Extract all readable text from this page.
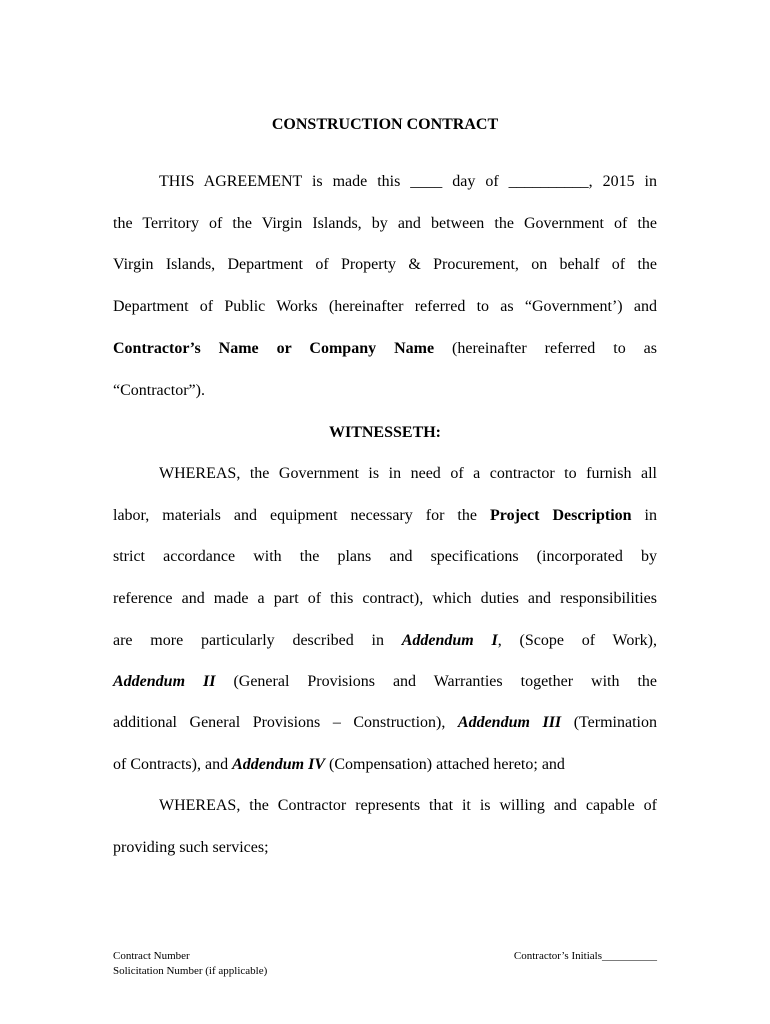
CONSTRUCTION CONTRACT
THIS AGREEMENT is made this ____ day of __________, 2015 in
the Territory of the Virgin Islands, by and between the Government of the
Virgin Islands, Department of Property & Procurement, on behalf of the
Department of Public Works (hereinafter referred to as “Government’) and
Contractor’s Name or Company Name (hereinafter referred to as
“Contractor”).
WITNESSETH:
WHEREAS, the Government is in need of a contractor to furnish all
labor, materials and equipment necessary for the Project Description in
strict accordance with the plans and specifications (incorporated by
reference and made a part of this contract), which duties and responsibilities
are more particularly described in Addendum I, (Scope of Work),
Addendum II (General Provisions and Warranties together with the
additional General Provisions – Construction), Addendum III (Termination
of Contracts), and Addendum IV (Compensation) attached hereto; and
WHEREAS, the Contractor represents that it is willing and capable of
providing such services;
Contract Number
Solicitation Number (if applicable)
Contractor’s Initials__________
